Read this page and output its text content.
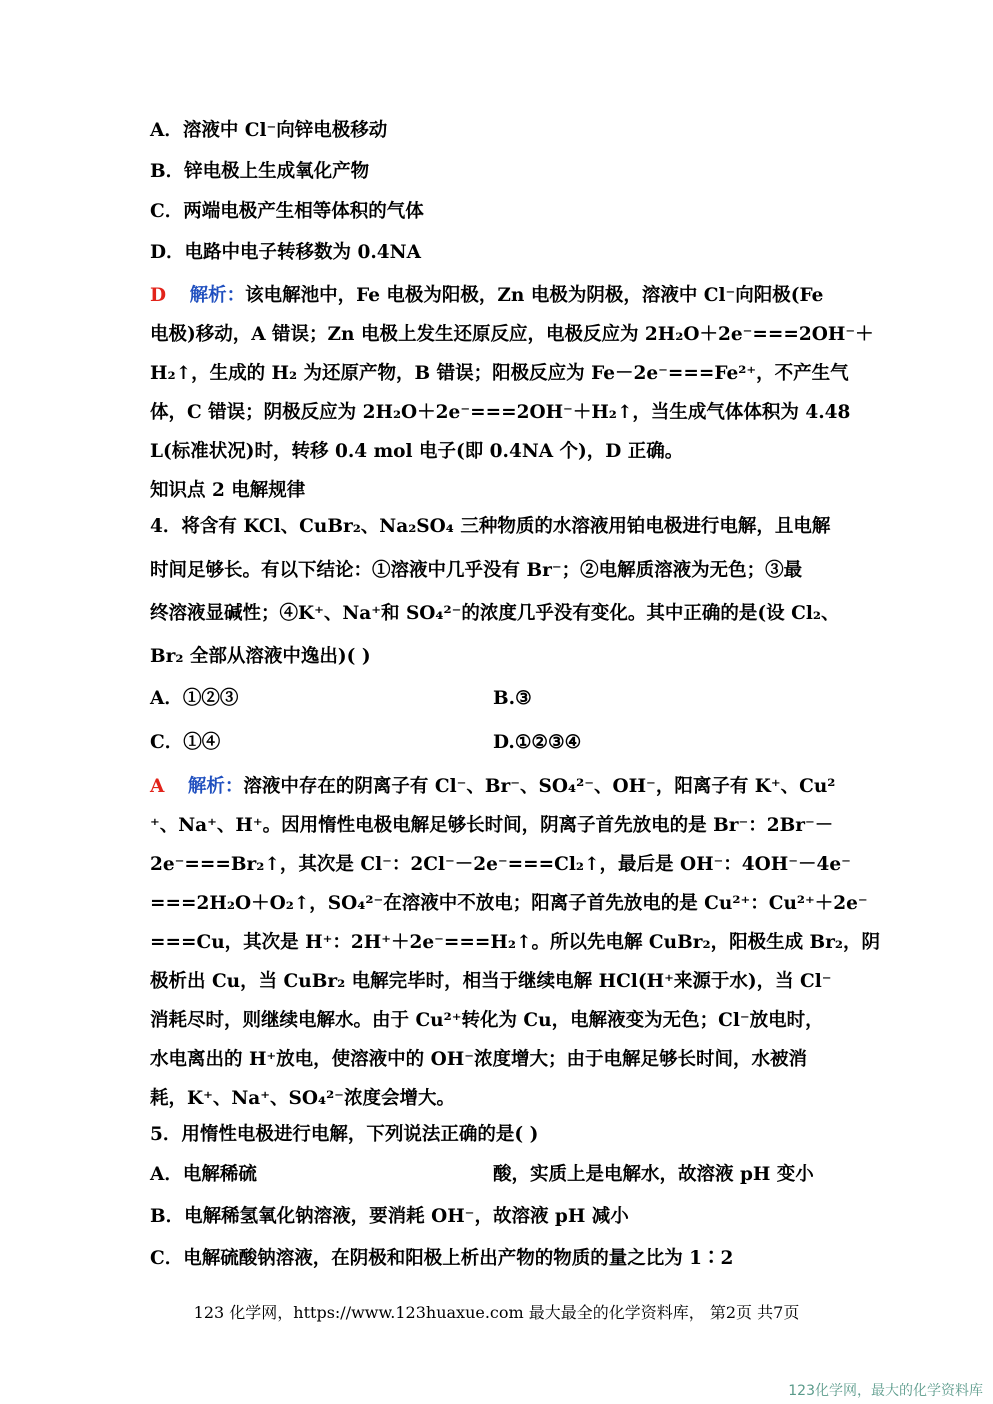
A．溶液中 Cl⁻向锌电极移动
B．锌电极上生成氧化产物
C．两端电极产生相等体积的气体
D．电路中电子转移数为 0.4NA
D 解析：该电解池中，Fe 电极为阳极，Zn 电极为阴极，溶液中 Cl⁻向阳极(Fe
电极)移动，A 错误；Zn 电极上发生还原反应，电极反应为 2H₂O＋2e⁻===2OH⁻＋
H₂↑，生成的 H₂ 为还原产物，B 错误；阳极反应为 Fe－2e⁻===Fe²⁺，不产生气
体，C 错误；阴极反应为 2H₂O＋2e⁻===2OH⁻＋H₂↑，当生成气体体积为 4.48
L(标准状况)时，转移 0.4 mol 电子(即 0.4NA 个)，D 正确。
知识点 2 电解规律
4．将含有 KCl、CuBr₂、Na₂SO₄ 三种物质的水溶液用铂电极进行电解，且电解
时间足够长。有以下结论：①溶液中几乎没有 Br⁻；②电解质溶液为无色；③最
终溶液显碱性；④K⁺、Na⁺和 SO₄²⁻的浓度几乎没有变化。其中正确的是(设 Cl₂、
Br₂ 全部从溶液中逸出)( )
A．①②③	B.③
C．①④	D.①②③④
A 解析：溶液中存在的阴离子有 Cl⁻、Br⁻、SO₄²⁻、OH⁻，阳离子有 K⁺、Cu²
⁺、Na⁺、H⁺。因用惰性电极电解足够长时间，阴离子首先放电的是 Br⁻：2Br⁻－
2e⁻===Br₂↑，其次是 Cl⁻：2Cl⁻－2e⁻===Cl₂↑，最后是 OH⁻：4OH⁻－4e⁻
===2H₂O＋O₂↑，SO₄²⁻在溶液中不放电；阳离子首先放电的是 Cu²⁺：Cu²⁺＋2e⁻
===Cu，其次是 H⁺：2H⁺＋2e⁻===H₂↑。所以先电解 CuBr₂，阳极生成 Br₂，阴
极析出 Cu，当 CuBr₂ 电解完毕时，相当于继续电解 HCl(H⁺来源于水)，当 Cl⁻
消耗尽时，则继续电解水。由于 Cu²⁺转化为 Cu，电解液变为无色；Cl⁻放电时，
水电离出的 H⁺放电，使溶液中的 OH⁻浓度增大；由于电解足够长时间，水被消
耗，K⁺、Na⁺、SO₄²⁻浓度会增大。
5．用惰性电极进行电解，下列说法正确的是( )
A．电解稀硫	酸，实质上是电解水，故溶液 pH 变小
B．电解稀氢氧化钠溶液，要消耗 OH⁻，故溶液 pH 减小
C．电解硫酸钠溶液，在阴极和阳极上析出产物的物质的量之比为 1∶2
123 化学网，https://www.123huaxue.com 最大最全的化学资料库， 第2页 共7页
123化学网，最大的化学资料库
